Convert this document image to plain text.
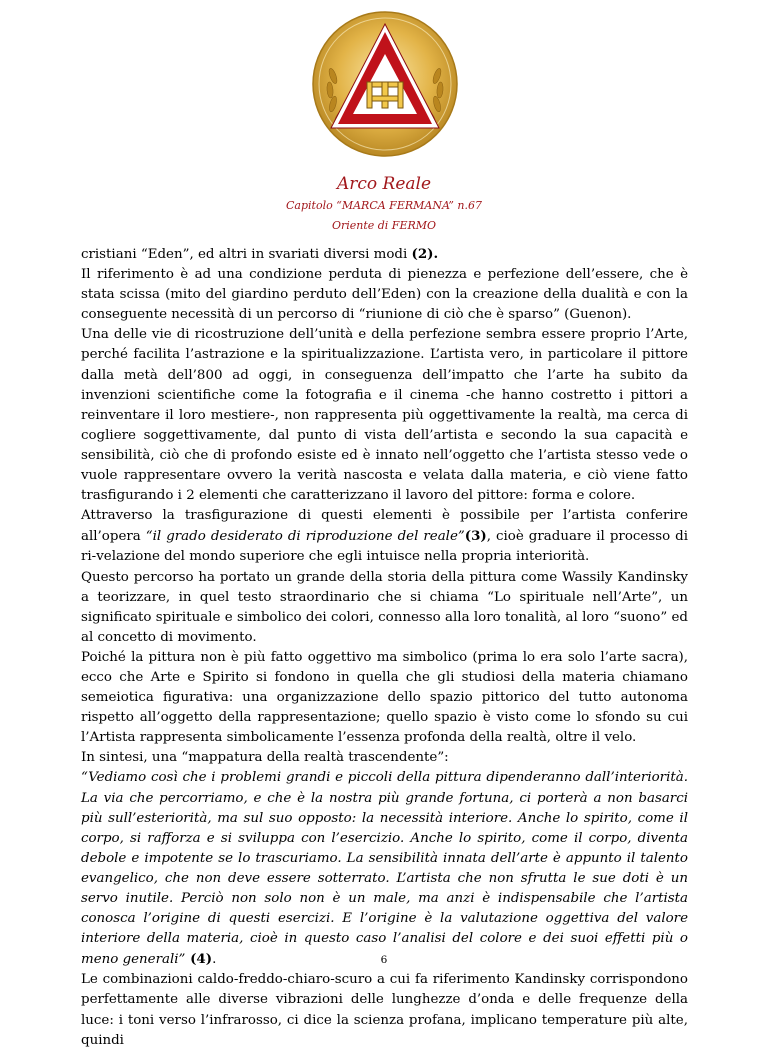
Arco Reale
Capitolo “MARCA FERMANA” n.67
Oriente di FERMO

cristiani “Eden”, ed altri in svariati diversi modi (2).

Il riferimento è ad una condizione perduta di pienezza e perfezione dell’essere, che è stata scissa (mito del giardino perduto dell’Eden) con la creazione della dualità e con la conseguente necessità di un percorso di “riunione di ciò che è sparso” (Guenon).

Una delle vie di ricostruzione dell’unità e della perfezione sembra essere proprio l’Arte, perché facilita l’astrazione e la spiritualizzazione. L’artista vero, in particolare il pittore dalla metà dell’800 ad oggi, in conseguenza dell’impatto che l’arte ha subito da invenzioni scientifiche come la fotografia e il cinema -che hanno costretto i pittori a reinventare il loro mestiere-, non rappresenta più oggettivamente la realtà, ma cerca di cogliere soggettivamente, dal punto di vista dell’artista e secondo la sua capacità e sensibilità, ciò che di profondo esiste ed è innato nell’oggetto che l’artista stesso vede o vuole rappresentare ovvero la verità nascosta e velata dalla materia, e ciò viene fatto trasfigurando i 2 elementi che caratterizzano il lavoro del pittore: forma e colore.

Attraverso la trasfigurazione di questi elementi è possibile per l’artista conferire all’opera “il grado desiderato di riproduzione del reale”(3), cioè graduare il processo di ri-velazione del mondo superiore che egli intuisce nella propria interiorità.

Questo percorso ha portato un grande della storia della pittura come Wassily Kandinsky a teorizzare, in quel testo straordinario che si chiama “Lo spirituale nell’Arte”, un significato spirituale e simbolico dei colori, connesso alla loro tonalità, al loro “suono” ed al concetto di movimento.

Poiché la pittura non è più fatto oggettivo ma simbolico (prima lo era solo l’arte sacra), ecco che Arte e Spirito si fondono in quella che gli studiosi della materia chiamano semeiotica figurativa: una organizzazione dello spazio pittorico del tutto autonoma rispetto all’oggetto della rappresentazione; quello spazio è visto come lo sfondo su cui l’Artista rappresenta simbolicamente l’essenza profonda della realtà, oltre il velo.

In sintesi, una “mappatura della realtà trascendente”:

“Vediamo così che i problemi grandi e piccoli della pittura dipenderanno dall’interiorità. La via che percorriamo, e che è la nostra più grande fortuna, ci porterà a non basarci più sull’esteriorità, ma sul suo opposto: la necessità interiore. Anche lo spirito, come il corpo, si rafforza e si sviluppa con l’esercizio. Anche lo spirito, come il corpo, diventa debole e impotente se lo trascuriamo. La sensibilità innata dell’arte è appunto il talento evangelico, che non deve essere sotterrato. L’artista che non sfrutta le sue doti è un servo inutile. Perciò non solo non è un male, ma anzi è indispensabile che l’artista conosca l’origine di questi esercizi. E l’origine è la valutazione oggettiva del valore interiore della materia, cioè in questo caso l’analisi del colore e dei suoi effetti più o meno generali” (4).

Le combinazioni caldo-freddo-chiaro-scuro a cui fa riferimento Kandinsky corrispondono perfettamente alle diverse vibrazioni delle lunghezze d’onda e delle frequenze della luce: i toni verso l’infrarosso, ci dice la scienza profana, implicano temperature più alte, quindi

6
